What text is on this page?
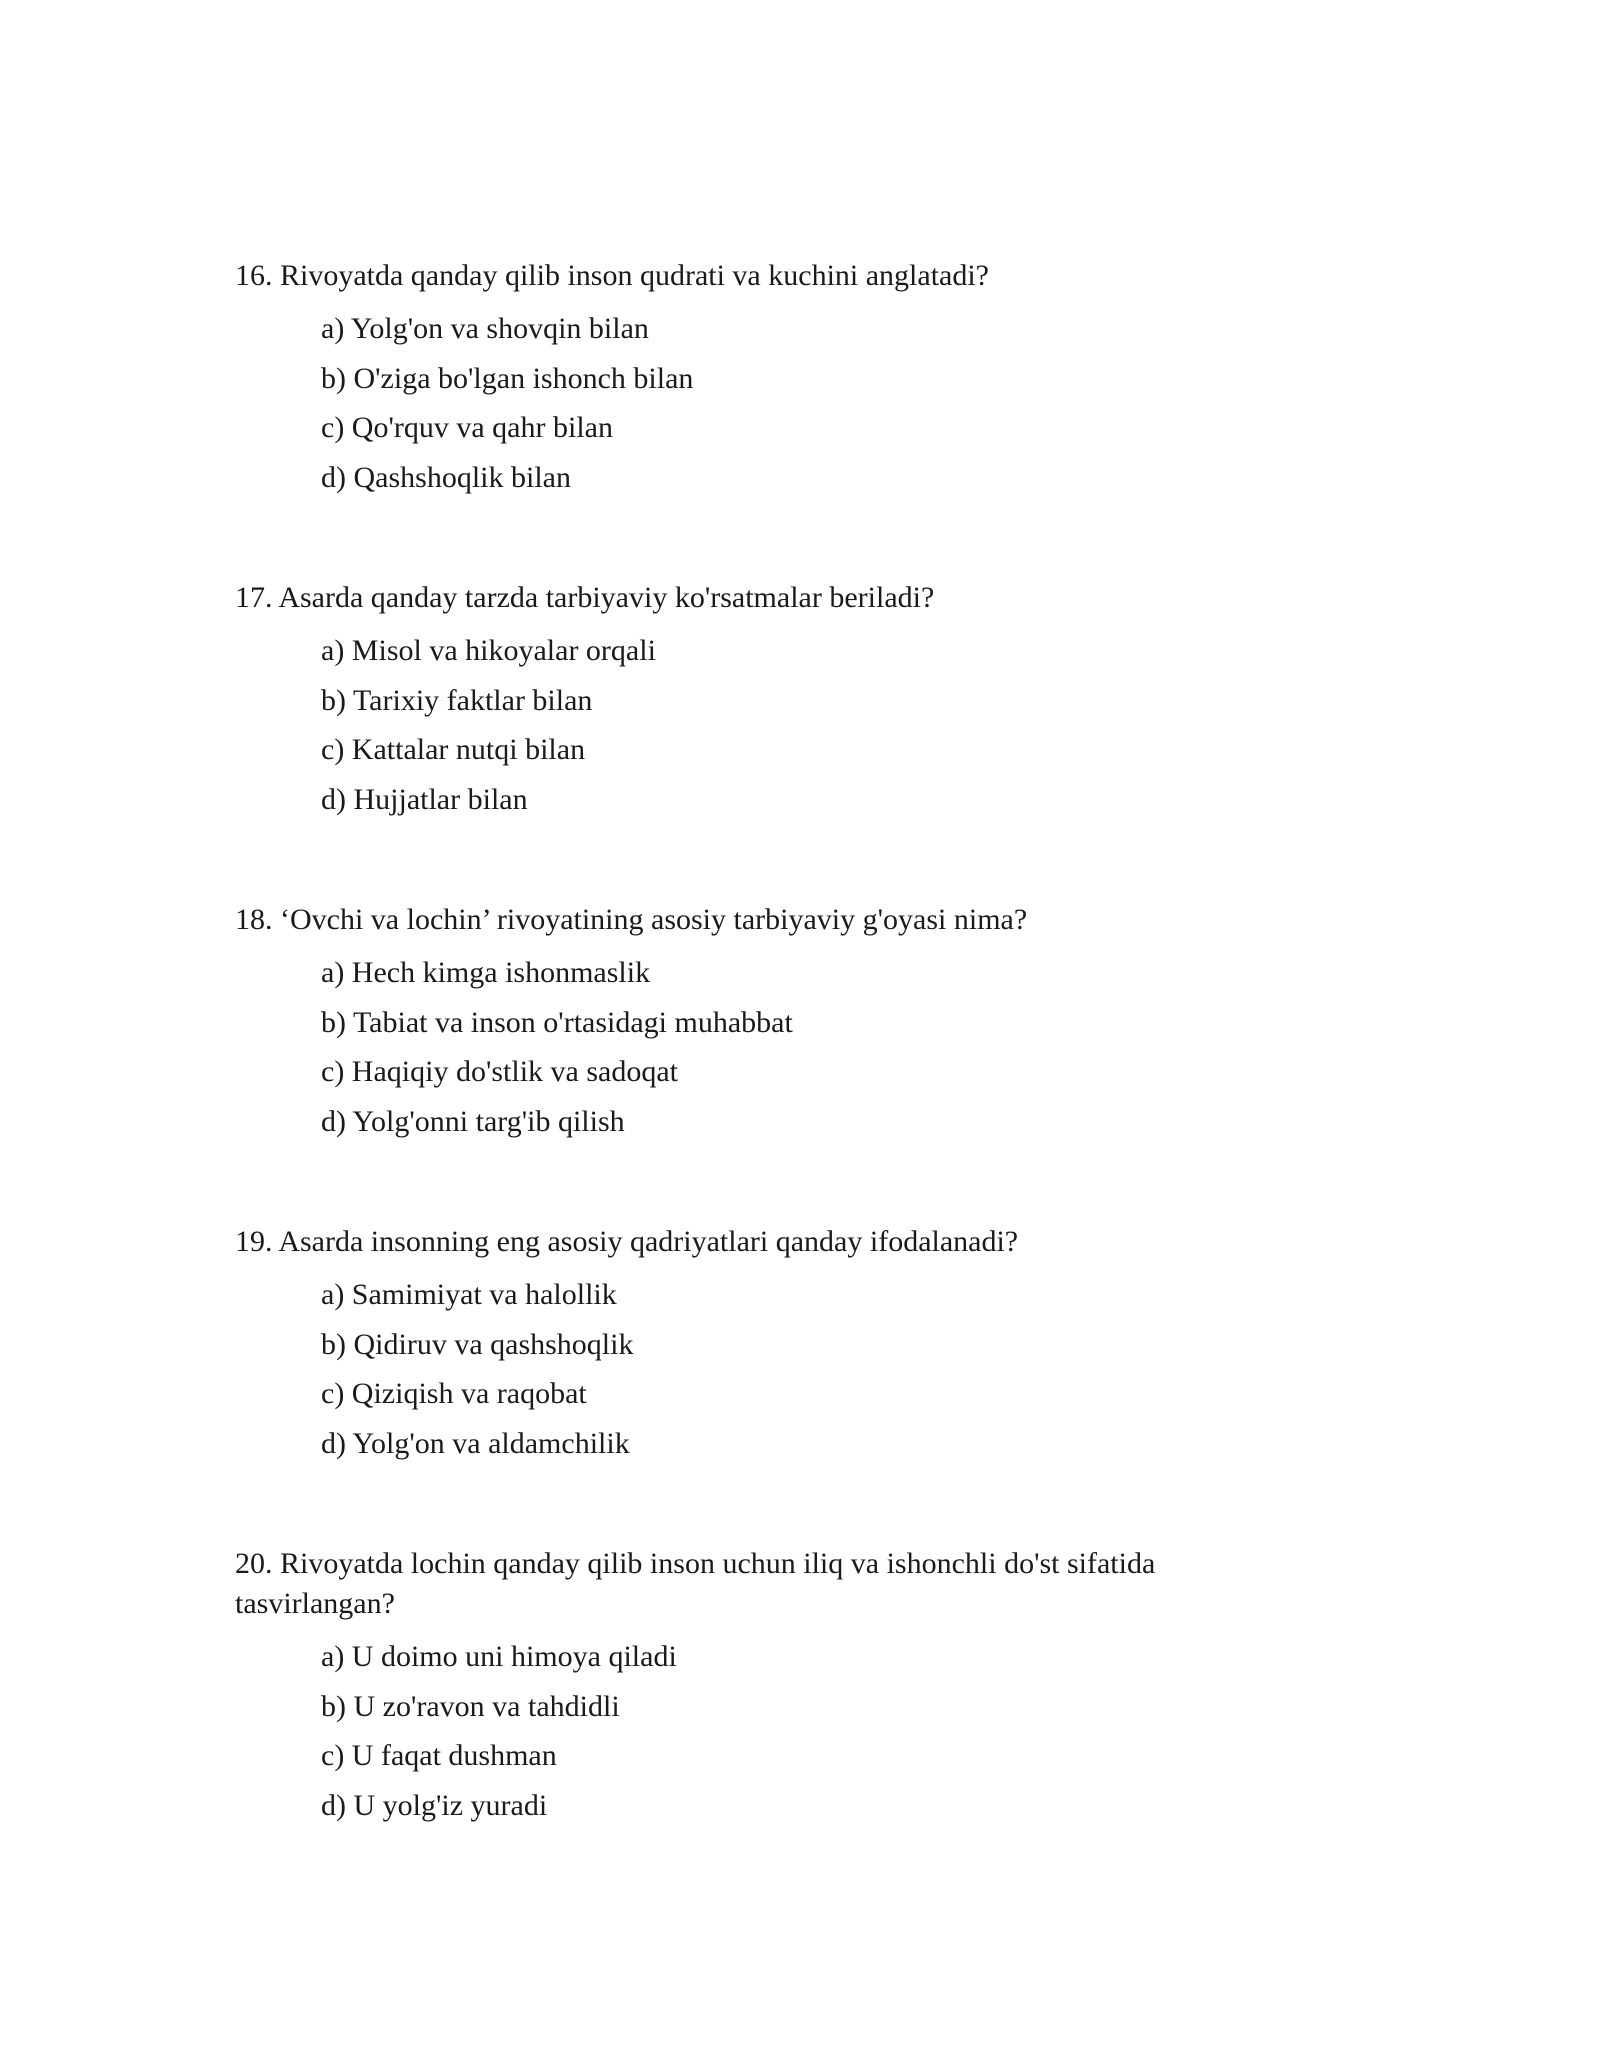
16. Rivoyatda qanday qilib inson qudrati va kuchini anglatadi?

a) Yolg'on va shovqin bilan
b) O'ziga bo'lgan ishonch bilan
c) Qo'rquv va qahr bilan
d) Qashshoqlik bilan

17. Asarda qanday tarzda tarbiyaviy ko'rsatmalar beriladi?

a) Misol va hikoyalar orqali
b) Tarixiy faktlar bilan
c) Kattalar nutqi bilan
d) Hujjatlar bilan

18. ‘Ovchi va lochin’ rivoyatining asosiy tarbiyaviy g'oyasi nima?

a) Hech kimga ishonmaslik
b) Tabiat va inson o'rtasidagi muhabbat
c) Haqiqiy do'stlik va sadoqat
d) Yolg'onni targ'ib qilish

19. Asarda insonning eng asosiy qadriyatlari qanday ifodalanadi?

a) Samimiyat va halollik
b) Qidiruv va qashshoqlik
c) Qiziqish va raqobat
d) Yolg'on va aldamchilik

20. Rivoyatda lochin qanday qilib inson uchun iliq va ishonchli do'st sifatida tasvirlangan?

a) U doimo uni himoya qiladi
b) U zo'ravon va tahdidli
c) U faqat dushman
d) U yolg'iz yuradi
